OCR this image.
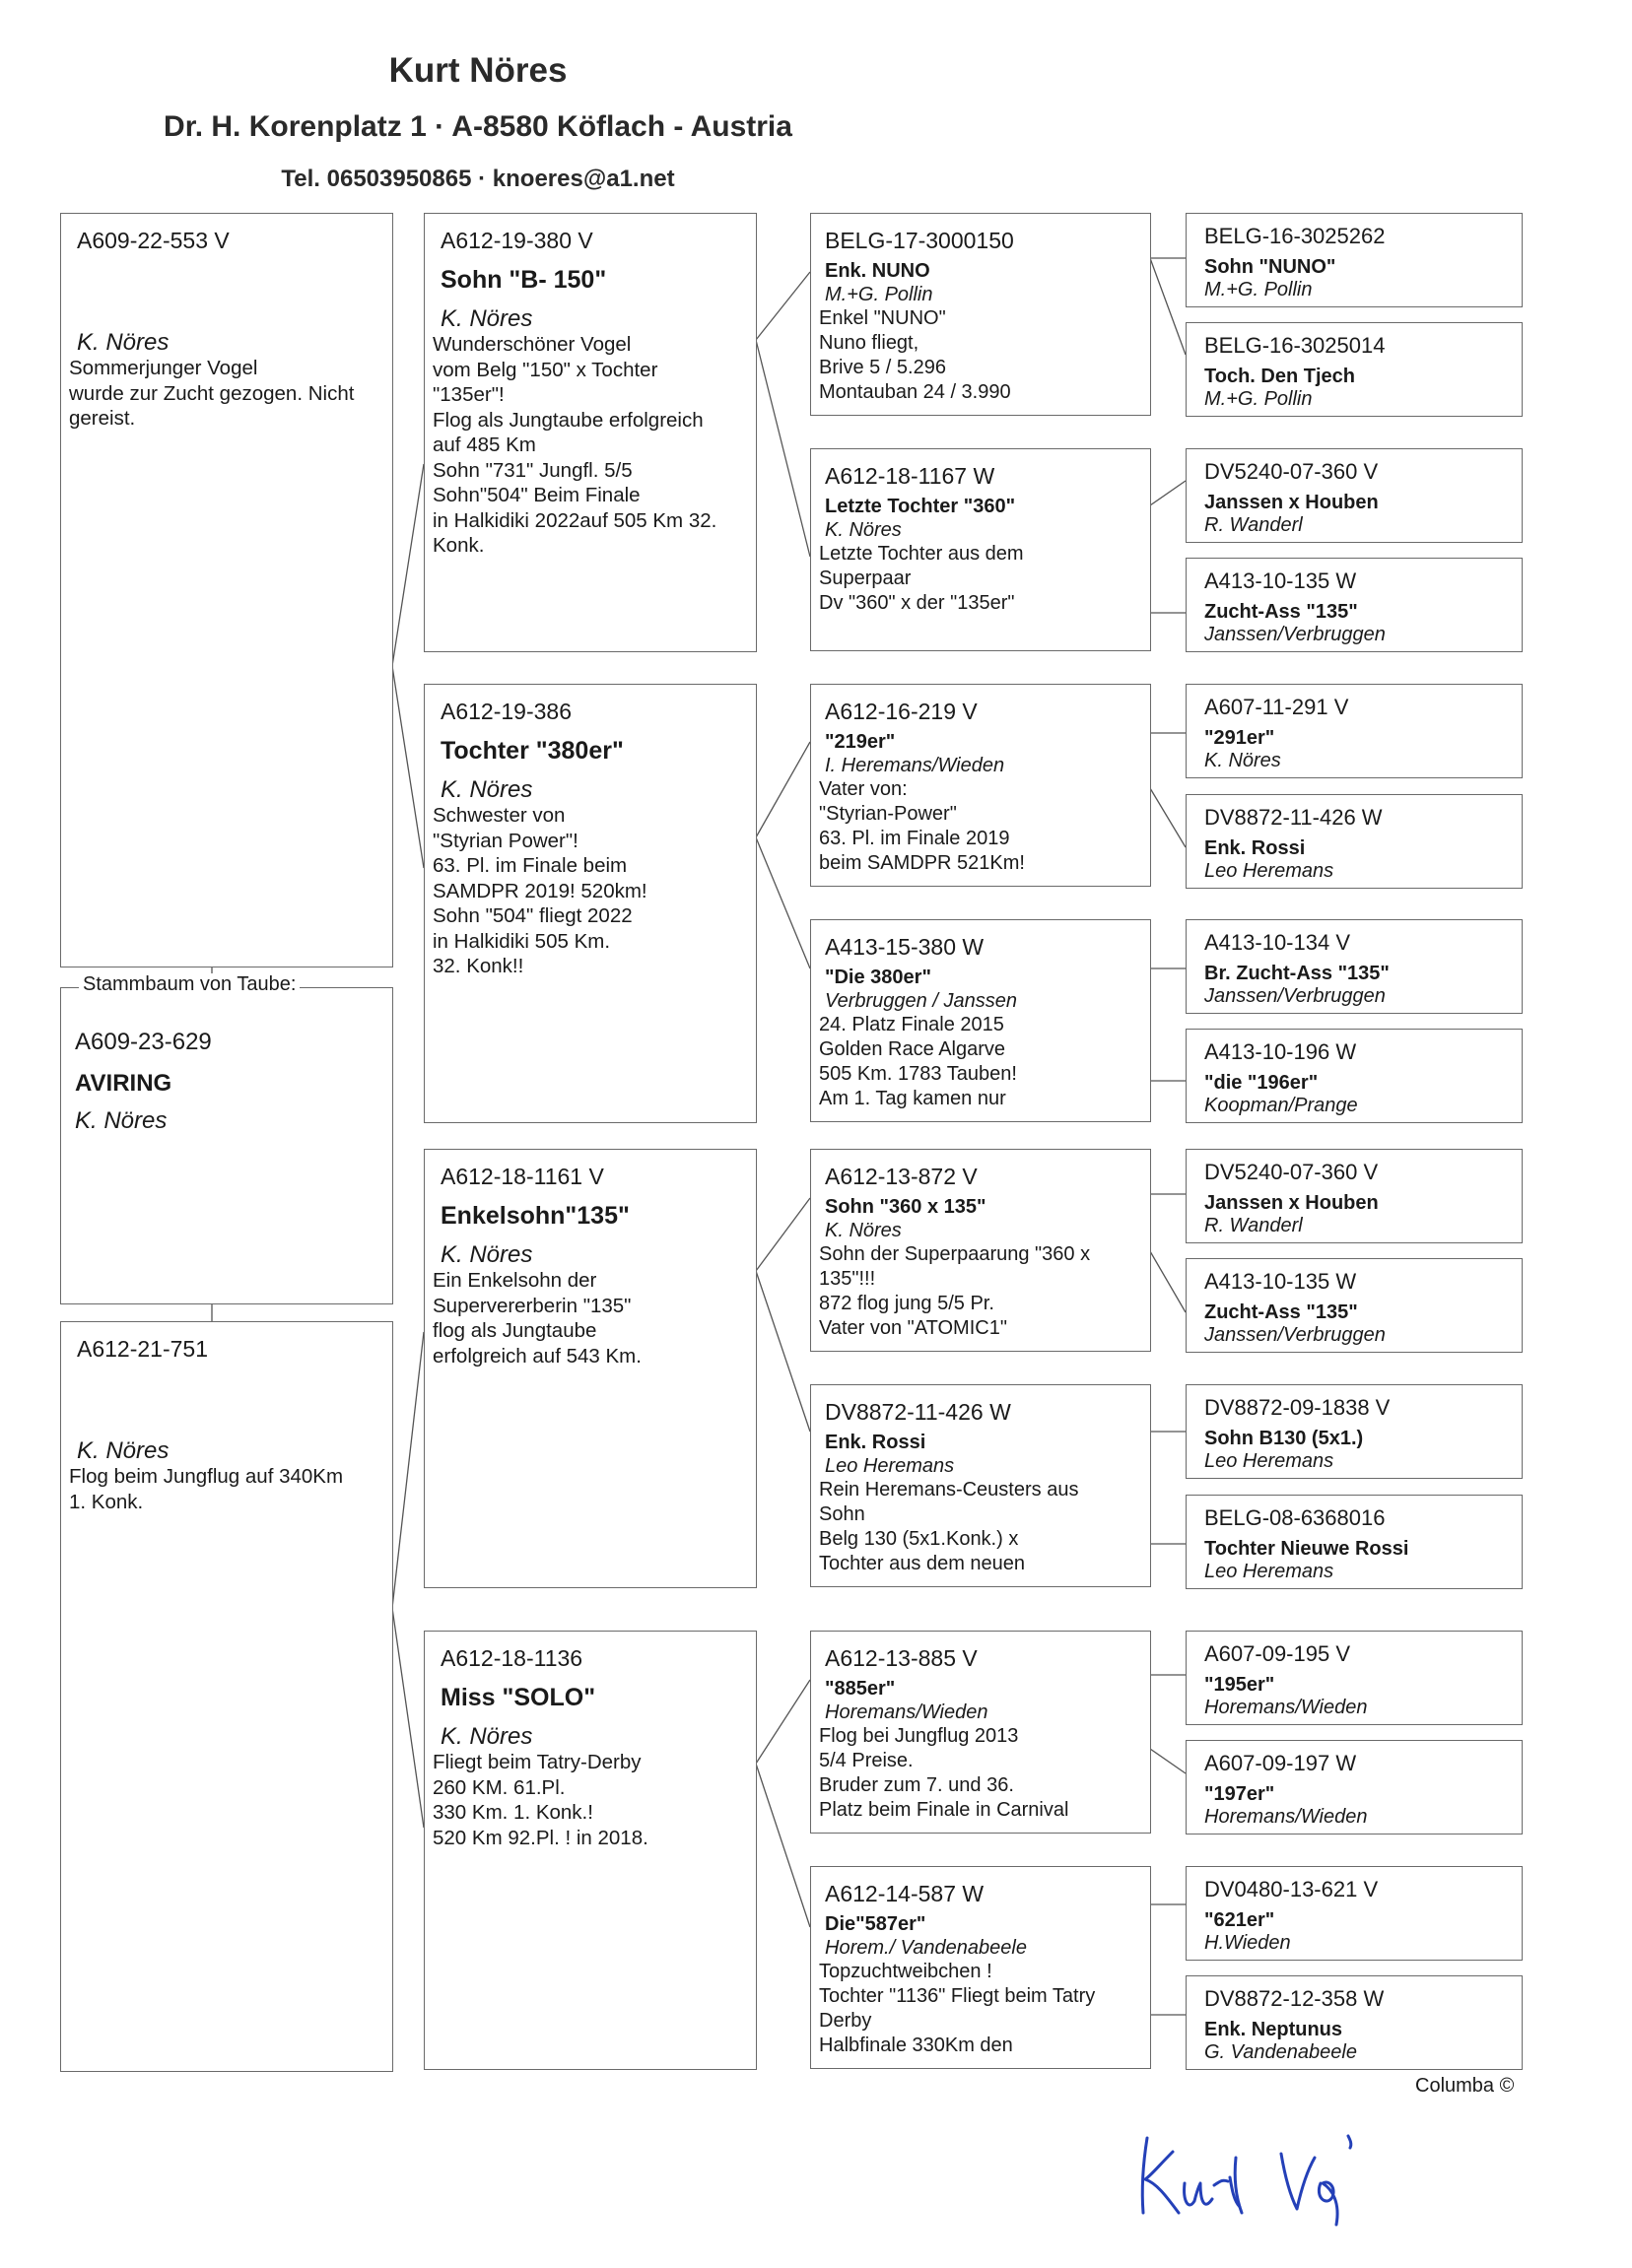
Kurt Nöres
Dr. H. Korenplatz 1 · A-8580 Köflach - Austria
Tel. 06503950865 · knoeres@a1.net
A609-22-553 V
K. Nöres
Sommerjunger Vogel
wurde zur Zucht gezogen. Nicht
gereist.
Stammbaum von Taube:
A609-23-629
AVIRING
K. Nöres
A612-21-751
K. Nöres
Flog beim Jungflug auf 340Km
1. Konk.
A612-19-380 V
Sohn "B- 150"
K. Nöres
Wunderschöner Vogel
vom Belg "150" x Tochter
"135er"!
Flog als Jungtaube erfolgreich
auf 485 Km
Sohn "731" Jungfl. 5/5
Sohn"504" Beim Finale
in Halkidiki 2022auf 505 Km 32.
Konk.
A612-19-386
Tochter "380er"
K. Nöres
Schwester von
"Styrian Power"!
63. Pl. im Finale beim
SAMDPR 2019! 520km!
Sohn "504" fliegt 2022
in Halkidiki 505 Km.
32. Konk!!
A612-18-1161 V
Enkelsohn"135"
K. Nöres
Ein Enkelsohn der
Supervererberin "135"
flog als Jungtaube
erfolgreich auf 543 Km.
A612-18-1136
Miss "SOLO"
K. Nöres
Fliegt beim Tatry-Derby
260 KM. 61.Pl.
330 Km. 1. Konk.!
520 Km 92.Pl. ! in 2018.
BELG-17-3000150
Enk. NUNO
M.+G. Pollin
Enkel "NUNO"
Nuno fliegt,
Brive 5 / 5.296
Montauban 24 / 3.990
A612-18-1167 W
Letzte Tochter "360"
K. Nöres
Letzte Tochter aus dem
Superpaar
Dv "360" x der "135er"
A612-16-219 V
"219er"
I. Heremans/Wieden
Vater von:
"Styrian-Power"
63. Pl. im Finale 2019
beim SAMDPR 521Km!
A413-15-380 W
"Die 380er"
Verbruggen / Janssen
24. Platz Finale 2015
Golden Race Algarve
505 Km. 1783 Tauben!
Am 1. Tag kamen nur
A612-13-872 V
Sohn "360 x 135"
K. Nöres
Sohn der Superpaarung "360 x
135"!!!
872 flog jung 5/5 Pr.
Vater von "ATOMIC1"
DV8872-11-426 W
Enk. Rossi
Leo Heremans
Rein Heremans-Ceusters aus
Sohn
Belg 130 (5x1.Konk.) x
Tochter aus dem neuen
A612-13-885 V
"885er"
Horemans/Wieden
Flog bei Jungflug 2013
5/4 Preise.
Bruder zum 7. und 36.
Platz beim Finale in Carnival
A612-14-587 W
Die"587er"
Horem./ Vandenabeele
Topzuchtweibchen !
Tochter "1136" Fliegt beim Tatry
Derby
Halbfinale 330Km den
BELG-16-3025262
Sohn "NUNO"
M.+G. Pollin
BELG-16-3025014
Toch. Den Tjech
M.+G. Pollin
DV5240-07-360 V
Janssen x Houben
R. Wanderl
A413-10-135 W
Zucht-Ass "135"
Janssen/Verbruggen
A607-11-291 V
"291er"
K. Nöres
DV8872-11-426 W
Enk. Rossi
Leo Heremans
A413-10-134 V
Br. Zucht-Ass "135"
Janssen/Verbruggen
A413-10-196 W
"die "196er"
Koopman/Prange
DV5240-07-360 V
Janssen x Houben
R. Wanderl
A413-10-135 W
Zucht-Ass "135"
Janssen/Verbruggen
DV8872-09-1838 V
Sohn B130 (5x1.)
Leo Heremans
BELG-08-6368016
Tochter Nieuwe Rossi
Leo Heremans
A607-09-195 V
"195er"
Horemans/Wieden
A607-09-197 W
"197er"
Horemans/Wieden
DV0480-13-621 V
"621er"
H.Wieden
DV8872-12-358 W
Enk. Neptunus
G. Vandenabeele
Columba ©
